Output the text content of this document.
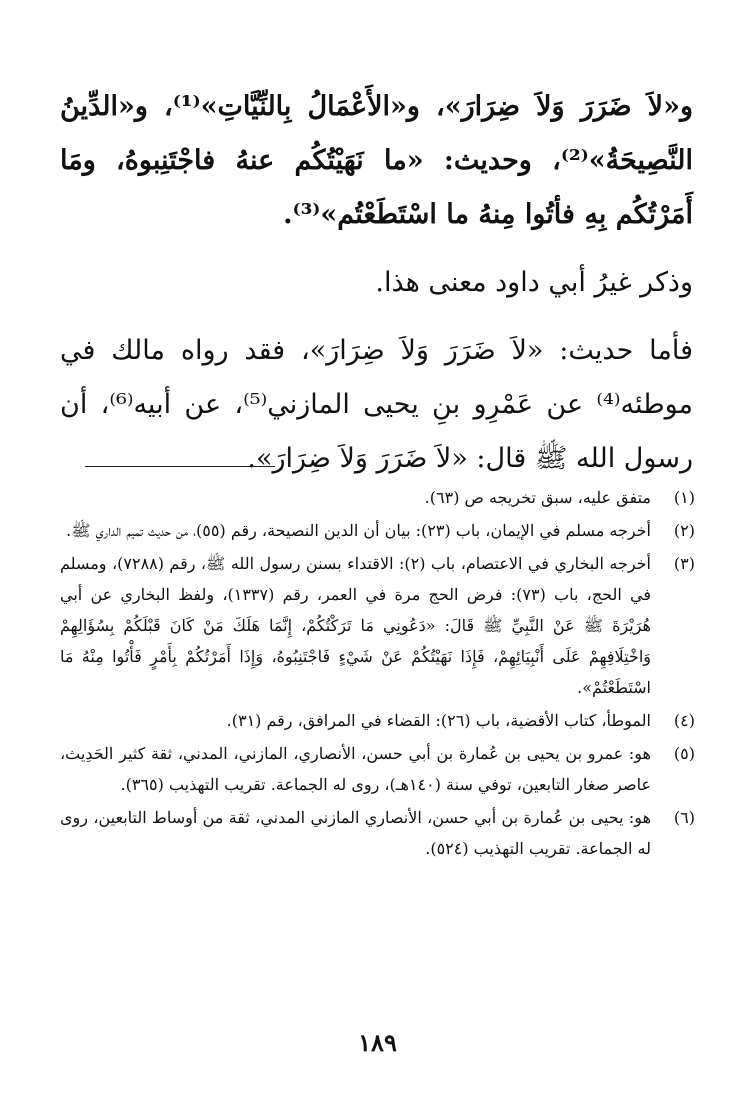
و«لاَ ضَرَرَ وَلاَ ضِرَارَ»، و«الأَعْمَالُ بِالنِّيَّاتِ»⁽¹⁾، و«الدِّينُ النَّصِيحَةُ»⁽²⁾، وحديث: «ما نَهَيْتُكُم عنهُ فاجْتَنِبوهُ، ومَا أَمَرْتُكُم بِهِ فأتُوا مِنهُ ما اسْتَطَعْتُم»⁽³⁾.

وذكر غيرُ أبي داود معنى هذا.

فأما حديث: «لاَ ضَرَرَ وَلاَ ضِرَارَ»، فقد رواه مالك في موطئه⁽⁴⁾ عن عَمْرِو بنِ يحيى المازني⁽⁵⁾، عن أبيه⁽⁶⁾، أن رسول الله ﷺ قال: «لاَ ضَرَرَ وَلاَ ضِرَارَ».

(١)
متفق عليه، سبق تخريجه ص (٦٣).
(٢)
أخرجه مسلم في الإيمان، باب (٢٣): بيان أن الدين النصيحة، رقم (٥٥)، من حديث تميم الداري ﷺ.
(٣)
أخرجه البخاري في الاعتصام، باب (٢): الاقتداء بسنن رسول الله ﷺ، رقم (٧٢٨٨)، ومسلم في الحج، باب (٧٣): فرض الحج مرة في العمر، رقم (١٣٣٧)، ولفظ البخاري عن أبي هُرَيْرَةَ ﷺ عَنْ النَّبِيِّ ﷺ قَالَ: «دَعُونِي مَا تَرَكْتُكُمْ، إِنَّمَا هَلَكَ مَنْ كَانَ قَبْلَكُمْ بِسُؤَالِهِمْ وَاخْتِلَافِهِمْ عَلَى أَنْبِيَائِهِمْ، فَإِذَا نَهَيْتُكُمْ عَنْ شَيْءٍ فَاجْتَنِبُوهُ، وَإِذَا أَمَرْتُكُمْ بِأَمْرٍ فَأْتُوا مِنْهُ مَا اسْتَطَعْتُمْ».
(٤)
الموطأ، كتاب الأقضية، باب (٢٦): القضاء في المرافق، رقم (٣١).
(٥)
هو: عمرو بن يحيى بن عُمارة بن أبي حسن، الأنصاري، المازني، المدني، ثقة كثير الحَدِيث، عاصر صغار التابعين، توفي سنة (١٤٠هـ)، روى له الجماعة. تقريب التهذيب (٣٦٥).
(٦)
هو: يحيى بن عُمارة بن أبي حسن، الأنصاري المازني المدني، ثقة من أوساط التابعين، روى له الجماعة. تقريب التهذيب (٥٢٤).
١٨٩
